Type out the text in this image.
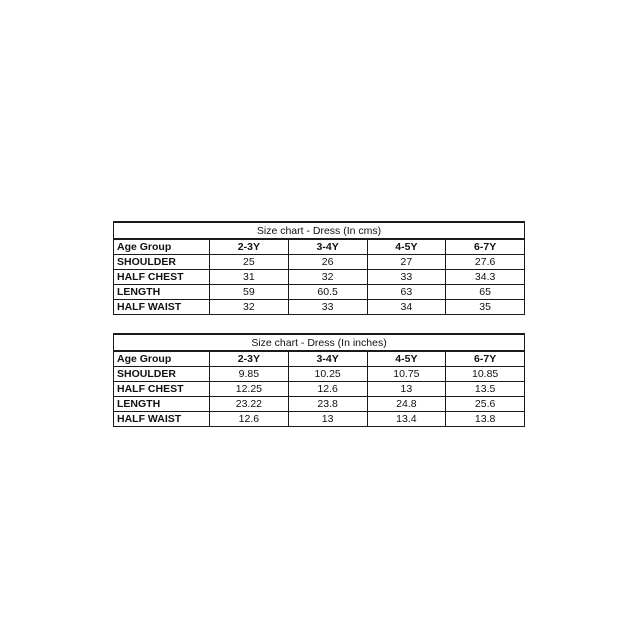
Size chart - Dress (In cms)				
Age Group	2-3Y	3-4Y	4-5Y	6-7Y
SHOULDER	25	26	27	27.6
HALF CHEST	31	32	33	34.3
LENGTH	59	60.5	63	65
HALF WAIST	32	33	34	35
Size chart - Dress (In inches)				
Age Group	2-3Y	3-4Y	4-5Y	6-7Y
SHOULDER	9.85	10.25	10.75	10.85
HALF CHEST	12.25	12.6	13	13.5
LENGTH	23.22	23.8	24.8	25.6
HALF WAIST	12.6	13	13.4	13.8
